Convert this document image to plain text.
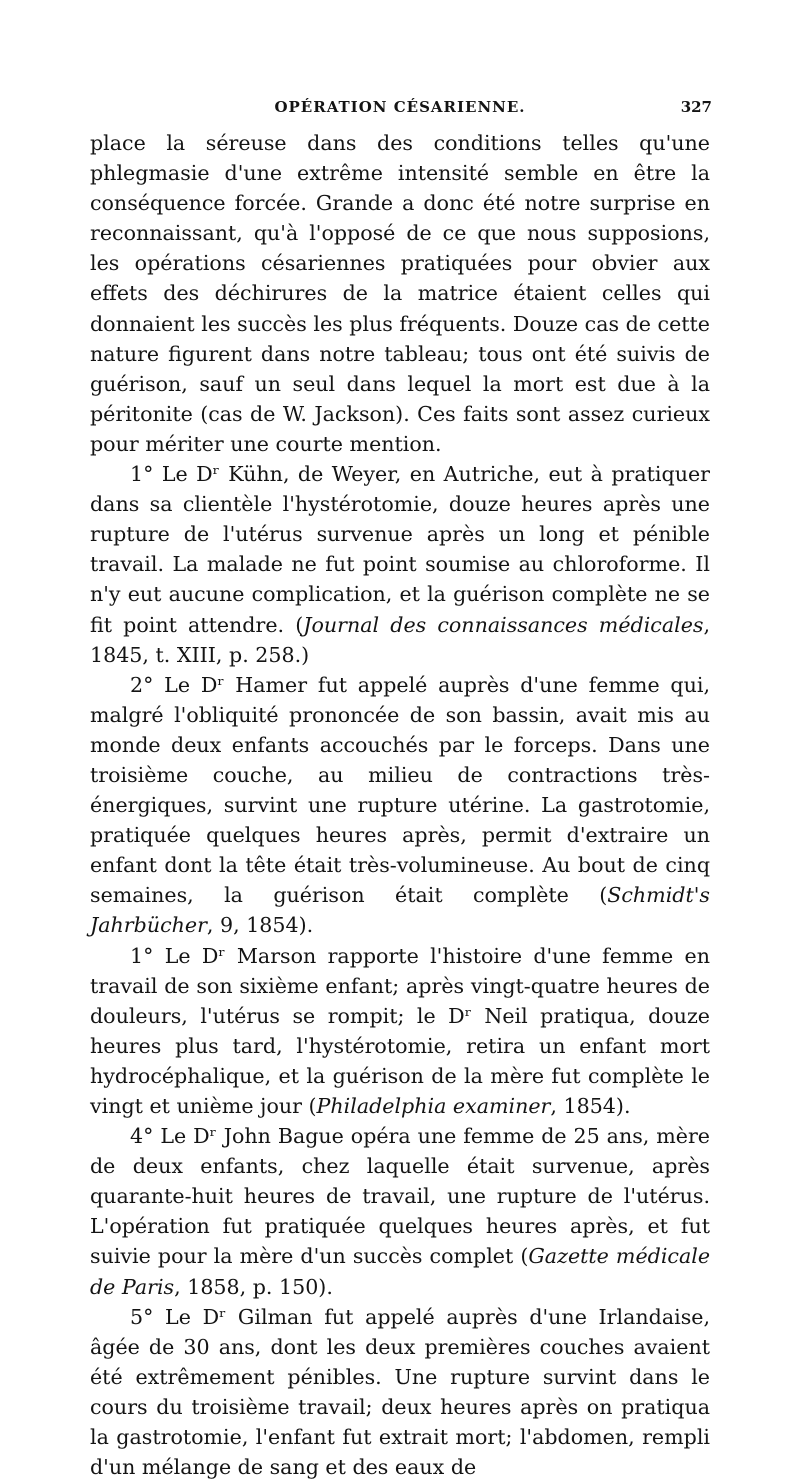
OPÉRATION CÉSARIENNE.	327

place la séreuse dans des conditions telles qu'une phlegmasie d'une extrême intensité semble en être la conséquence forcée. Grande a donc été notre surprise en reconnaissant, qu'à l'opposé de ce que nous supposions, les opérations césariennes pratiquées pour obvier aux effets des déchirures de la matrice étaient celles qui donnaient les succès les plus fréquents. Douze cas de cette nature figurent dans notre tableau; tous ont été suivis de guérison, sauf un seul dans lequel la mort est due à la péritonite (cas de W. Jackson). Ces faits sont assez curieux pour mériter une courte mention.

1° Le Dʳ Kühn, de Weyer, en Autriche, eut à pratiquer dans sa clientèle l'hystérotomie, douze heures après une rupture de l'utérus survenue après un long et pénible travail. La malade ne fut point soumise au chloroforme. Il n'y eut aucune complication, et la guérison complète ne se fit point attendre. (Journal des connaissances médicales, 1845, t. XIII, p. 258.)

2° Le Dʳ Hamer fut appelé auprès d'une femme qui, malgré l'obliquité prononcée de son bassin, avait mis au monde deux enfants accouchés par le forceps. Dans une troisième couche, au milieu de contractions très-énergiques, survint une rupture utérine. La gastrotomie, pratiquée quelques heures après, permit d'extraire un enfant dont la tête était très-volumineuse. Au bout de cinq semaines, la guérison était complète (Schmidt's Jahrbücher, 9, 1854).

1° Le Dʳ Marson rapporte l'histoire d'une femme en travail de son sixième enfant; après vingt-quatre heures de douleurs, l'utérus se rompit; le Dʳ Neil pratiqua, douze heures plus tard, l'hystérotomie, retira un enfant mort hydrocéphalique, et la guérison de la mère fut complète le vingt et unième jour (Philadelphia examiner, 1854).

4° Le Dʳ John Bague opéra une femme de 25 ans, mère de deux enfants, chez laquelle était survenue, après quarante-huit heures de travail, une rupture de l'utérus. L'opération fut pratiquée quelques heures après, et fut suivie pour la mère d'un succès complet (Gazette médicale de Paris, 1858, p. 150).

5° Le Dʳ Gilman fut appelé auprès d'une Irlandaise, âgée de 30 ans, dont les deux premières couches avaient été extrêmement pénibles. Une rupture survint dans le cours du troisième travail; deux heures après on pratiqua la gastrotomie, l'enfant fut extrait mort; l'abdomen, rempli d'un mélange de sang et des eaux de
